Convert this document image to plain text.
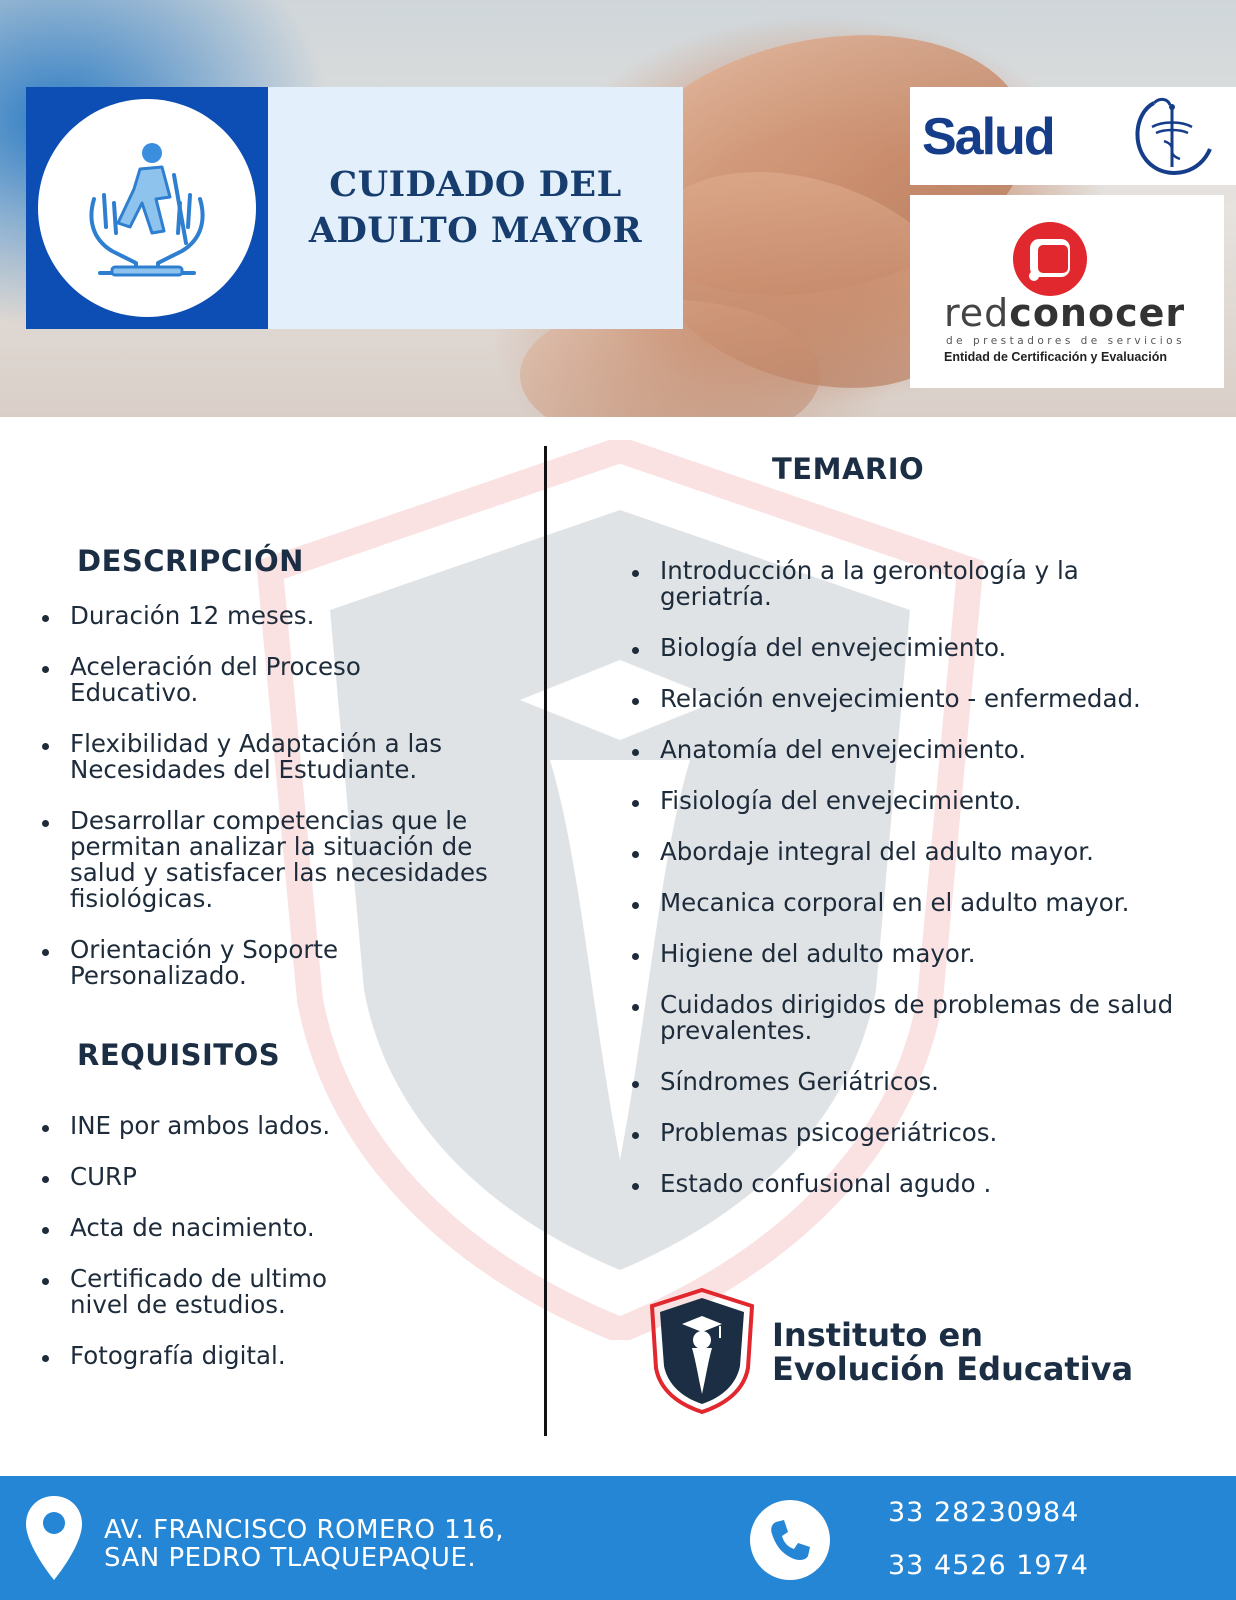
CUIDADO DEL
ADULTO MAYOR
Salud
redconocer
de prestadores de servicios
Entidad de Certificación y Evaluación
DESCRIPCIÓN
Duración 12 meses.
Aceleración del Proceso Educativo.
Flexibilidad y Adaptación a las Necesidades del Estudiante.
Desarrollar competencias que le permitan analizar la situación de salud y satisfacer las necesidades fisiológicas.
Orientación y Soporte Personalizado.
REQUISITOS
INE por ambos lados.
CURP
Acta de nacimiento.
Certificado de ultimo nivel de estudios.
Fotografía digital.
TEMARIO
Introducción a la gerontología y la geriatría.
Biología del envejecimiento.
Relación envejecimiento - enfermedad.
Anatomía del envejecimiento.
Fisiología del envejecimiento.
Abordaje integral del adulto mayor.
Mecanica corporal en el adulto mayor.
Higiene del adulto mayor.
Cuidados dirigidos de problemas de salud prevalentes.
Síndromes Geriátricos.
Problemas psicogeriátricos.
Estado confusional agudo .
Instituto en
Evolución Educativa
AV. FRANCISCO ROMERO 116,
SAN PEDRO TLAQUEPAQUE.
33 28230984
33 4526 1974
